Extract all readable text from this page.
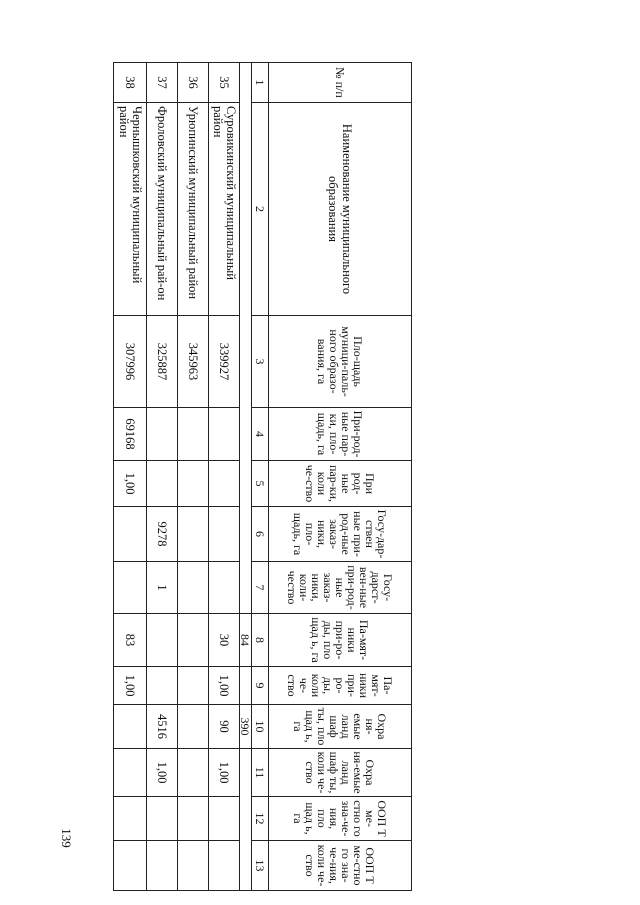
№ п/п	Наименование муниципального образования	Пло-щадь муници-паль-ного образо-вания, га	При-род-ные пар-ки, пло-щадь, га	При род-ные пар-ки, коли че-ство	Госу-дар-ствен ные при-род-ные заказ-ники, пло-щадь, га	Госу-дарст-вен-ные при-род-ные заказ-ники, коли-чество	Па-мят-ники при-ро-ды, пло щад ь, га	Па-мят-ники при-ро-ды, коли че-ство	Охра ня-емые ланд шаф ты, пло щад ь, га	Охра ня-емые ланд шаф ты, коли че-ство	ООП Т ме-стно го зна-че-ния, пло щад ь, га	ООП Т ме-стно го зна-че-ния, коли че-ство
1	2	3	4	5	6	7	8	9	10	11	12	13
							84		390			
35	Суровикинский муниципальный район	339927					30	1,00	90	1,00		
36	Урюпинский муниципальный район	345963										
37	Фроловский муниципальный рай-он	325887			9278	1			4516	1,00		
38	Чернышковский муниципальный район	307996	69168	1,00			83	1,00				
139
